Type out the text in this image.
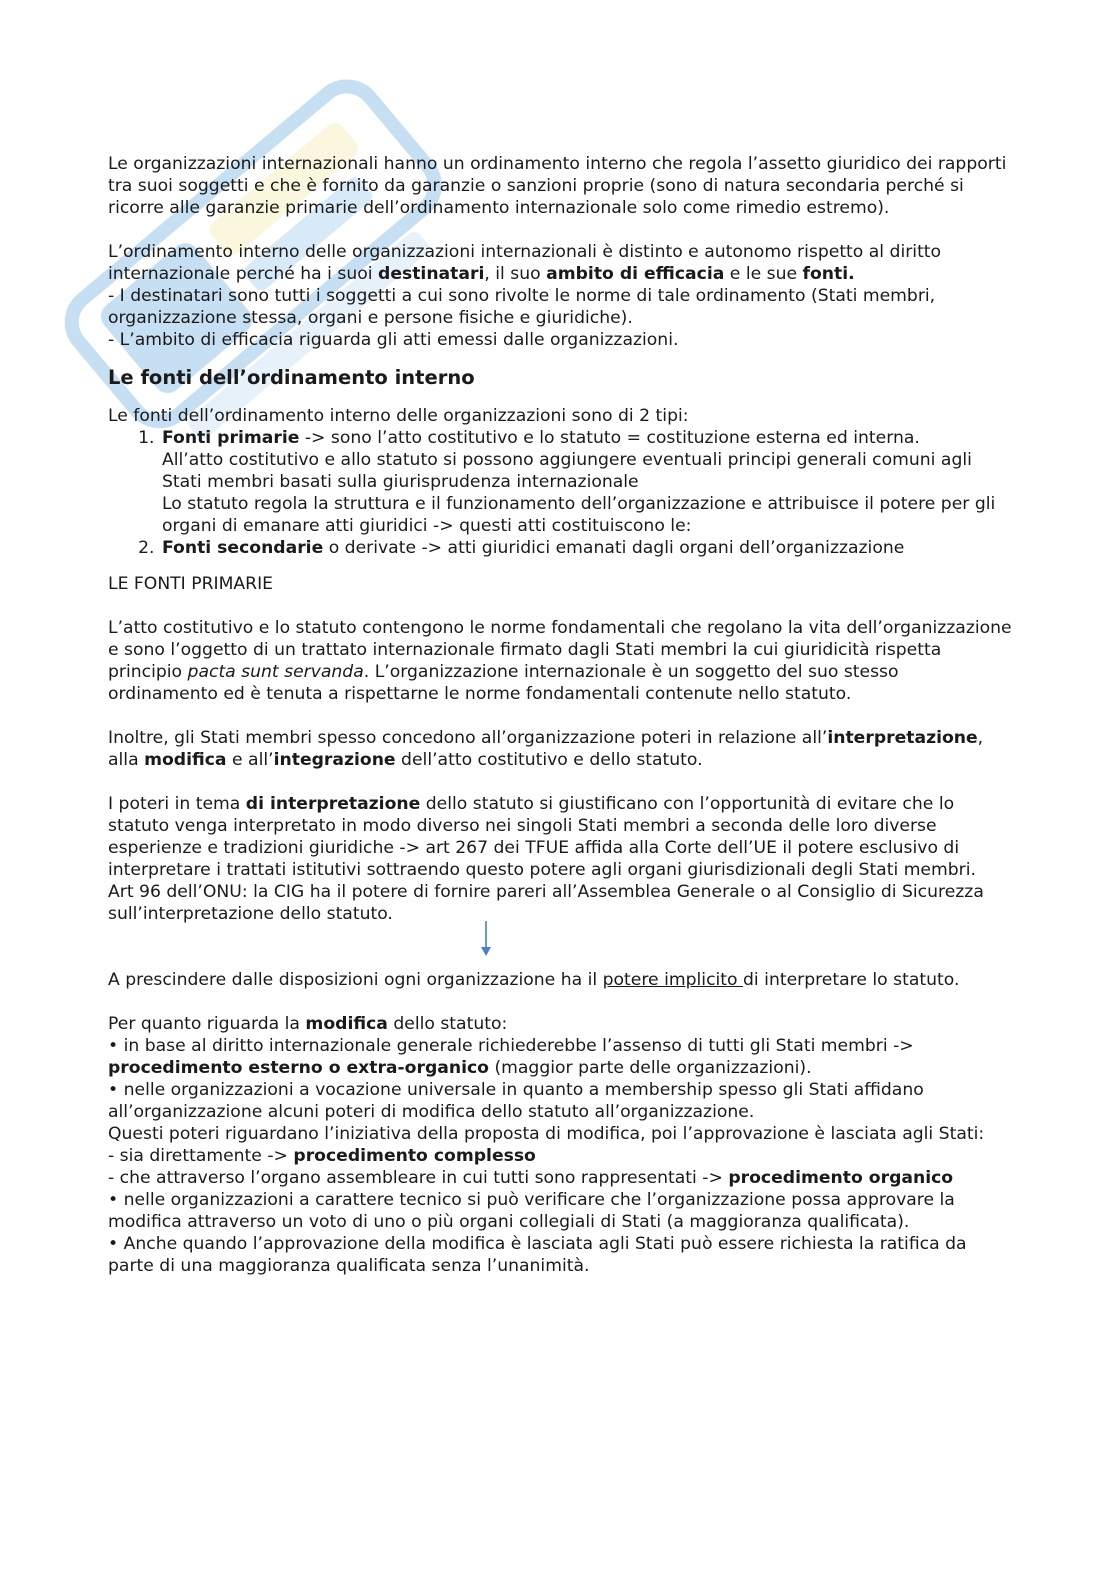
Le organizzazioni internazionali hanno un ordinamento interno che regola l’assetto giuridico dei rapporti tra suoi soggetti e che è fornito da garanzie o sanzioni proprie (sono di natura secondaria perché si ricorre alle garanzie primarie dell’ordinamento internazionale solo come rimedio estremo).

L’ordinamento interno delle organizzazioni internazionali è distinto e autonomo rispetto al diritto internazionale perché ha i suoi destinatari, il suo ambito di efficacia e le sue fonti.

- I destinatari sono tutti i soggetti a cui sono rivolte le norme di tale ordinamento (Stati membri, organizzazione stessa, organi e persone fisiche e giuridiche).

- L’ambito di efficacia riguarda gli atti emessi dalle organizzazioni.

Le fonti dell’ordinamento interno

Le fonti dell’ordinamento interno delle organizzazioni sono di 2 tipi:

1. Fonti primarie -> sono l’atto costitutivo e lo statuto = costituzione esterna ed interna.
All’atto costitutivo e allo statuto si possono aggiungere eventuali principi generali comuni agli Stati membri basati sulla giurisprudenza internazionale
Lo statuto regola la struttura e il funzionamento dell’organizzazione e attribuisce il potere per gli organi di emanare atti giuridici -> questi atti costituiscono le:
2. Fonti secondarie o derivate -> atti giuridici emanati dagli organi dell’organizzazione

LE FONTI PRIMARIE

L’atto costitutivo e lo statuto contengono le norme fondamentali che regolano la vita dell’organizzazione e sono l’oggetto di un trattato internazionale firmato dagli Stati membri la cui giuridicità rispetta principio pacta sunt servanda. L’organizzazione internazionale è un soggetto del suo stesso ordinamento ed è tenuta a rispettarne le norme fondamentali contenute nello statuto.

Inoltre, gli Stati membri spesso concedono all’organizzazione poteri in relazione all’interpretazione, alla modifica e all’integrazione dell’atto costitutivo e dello statuto.

I poteri in tema di interpretazione dello statuto si giustificano con l’opportunità di evitare che lo statuto venga interpretato in modo diverso nei singoli Stati membri a seconda delle loro diverse esperienze e tradizioni giuridiche -> art 267 dei TFUE affida alla Corte dell’UE il potere esclusivo di interpretare i trattati istitutivi sottraendo questo potere agli organi giurisdizionali degli Stati membri.

Art 96 dell’ONU: la CIG ha il potere di fornire pareri all’Assemblea Generale o al Consiglio di Sicurezza sull’interpretazione dello statuto.

A prescindere dalle disposizioni ogni organizzazione ha il potere implicito di interpretare lo statuto.

Per quanto riguarda la modifica dello statuto:

• in base al diritto internazionale generale richiederebbe l’assenso di tutti gli Stati membri -> procedimento esterno o extra-organico (maggior parte delle organizzazioni).

• nelle organizzazioni a vocazione universale in quanto a membership spesso gli Stati affidano all’organizzazione alcuni poteri di modifica dello statuto all’organizzazione.

Questi poteri riguardano l’iniziativa della proposta di modifica, poi l’approvazione è lasciata agli Stati:

- sia direttamente -> procedimento complesso

- che attraverso l’organo assembleare in cui tutti sono rappresentati -> procedimento organico

• nelle organizzazioni a carattere tecnico si può verificare che l’organizzazione possa approvare la modifica attraverso un voto di uno o più organi collegiali di Stati (a maggioranza qualificata).

• Anche quando l’approvazione della modifica è lasciata agli Stati può essere richiesta la ratifica da parte di una maggioranza qualificata senza l’unanimità.
